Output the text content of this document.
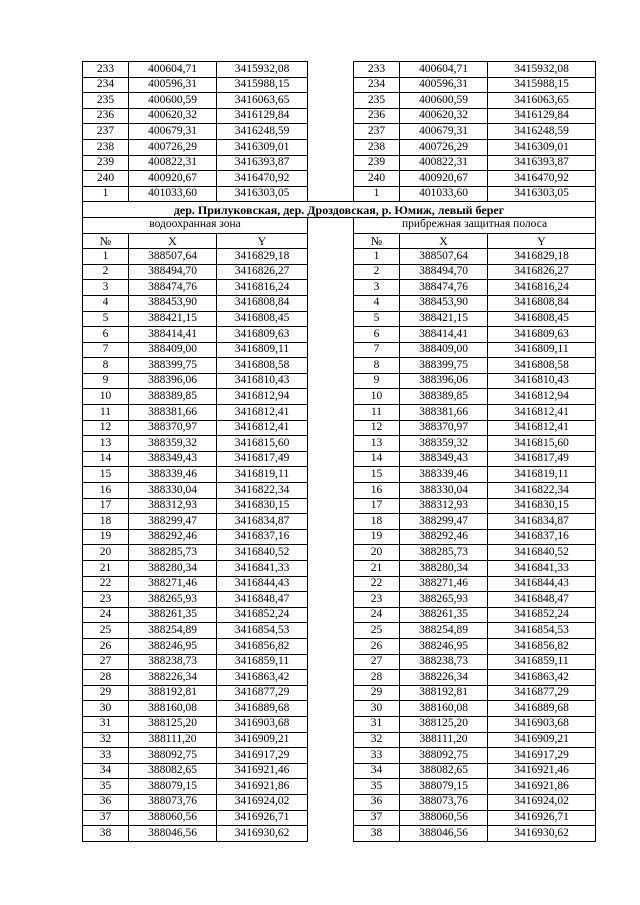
233	400604,71	3415932,08		233	400604,71	3415932,08
234	400596,31	3415988,15		234	400596,31	3415988,15
235	400600,59	3416063,65		235	400600,59	3416063,65
236	400620,32	3416129,84		236	400620,32	3416129,84
237	400679,31	3416248,59		237	400679,31	3416248,59
238	400726,29	3416309,01		238	400726,29	3416309,01
239	400822,31	3416393,87		239	400822,31	3416393,87
240	400920,67	3416470,92		240	400920,67	3416470,92
1	401033,60	3416303,05		1	401033,60	3416303,05
дер. Прилуковская, дер. Дроздовская, р. Юмиж, левый берег						
водоохранная зона				прибрежная защитная полоса		
№	X	Y		№	X	Y
1	388507,64	3416829,18		1	388507,64	3416829,18
2	388494,70	3416826,27		2	388494,70	3416826,27
3	388474,76	3416816,24		3	388474,76	3416816,24
4	388453,90	3416808,84		4	388453,90	3416808,84
5	388421,15	3416808,45		5	388421,15	3416808,45
6	388414,41	3416809,63		6	388414,41	3416809,63
7	388409,00	3416809,11		7	388409,00	3416809,11
8	388399,75	3416808,58		8	388399,75	3416808,58
9	388396,06	3416810,43		9	388396,06	3416810,43
10	388389,85	3416812,94		10	388389,85	3416812,94
11	388381,66	3416812,41		11	388381,66	3416812,41
12	388370,97	3416812,41		12	388370,97	3416812,41
13	388359,32	3416815,60		13	388359,32	3416815,60
14	388349,43	3416817,49		14	388349,43	3416817,49
15	388339,46	3416819,11		15	388339,46	3416819,11
16	388330,04	3416822,34		16	388330,04	3416822,34
17	388312,93	3416830,15		17	388312,93	3416830,15
18	388299,47	3416834,87		18	388299,47	3416834,87
19	388292,46	3416837,16		19	388292,46	3416837,16
20	388285,73	3416840,52		20	388285,73	3416840,52
21	388280,34	3416841,33		21	388280,34	3416841,33
22	388271,46	3416844,43		22	388271,46	3416844,43
23	388265,93	3416848,47		23	388265,93	3416848,47
24	388261,35	3416852,24		24	388261,35	3416852,24
25	388254,89	3416854,53		25	388254,89	3416854,53
26	388246,95	3416856,82		26	388246,95	3416856,82
27	388238,73	3416859,11		27	388238,73	3416859,11
28	388226,34	3416863,42		28	388226,34	3416863,42
29	388192,81	3416877,29		29	388192,81	3416877,29
30	388160,08	3416889,68		30	388160,08	3416889,68
31	388125,20	3416903,68		31	388125,20	3416903,68
32	388111,20	3416909,21		32	388111,20	3416909,21
33	388092,75	3416917,29		33	388092,75	3416917,29
34	388082,65	3416921,46		34	388082,65	3416921,46
35	388079,15	3416921,86		35	388079,15	3416921,86
36	388073,76	3416924,02		36	388073,76	3416924,02
37	388060,56	3416926,71		37	388060,56	3416926,71
38	388046,56	3416930,62		38	388046,56	3416930,62
